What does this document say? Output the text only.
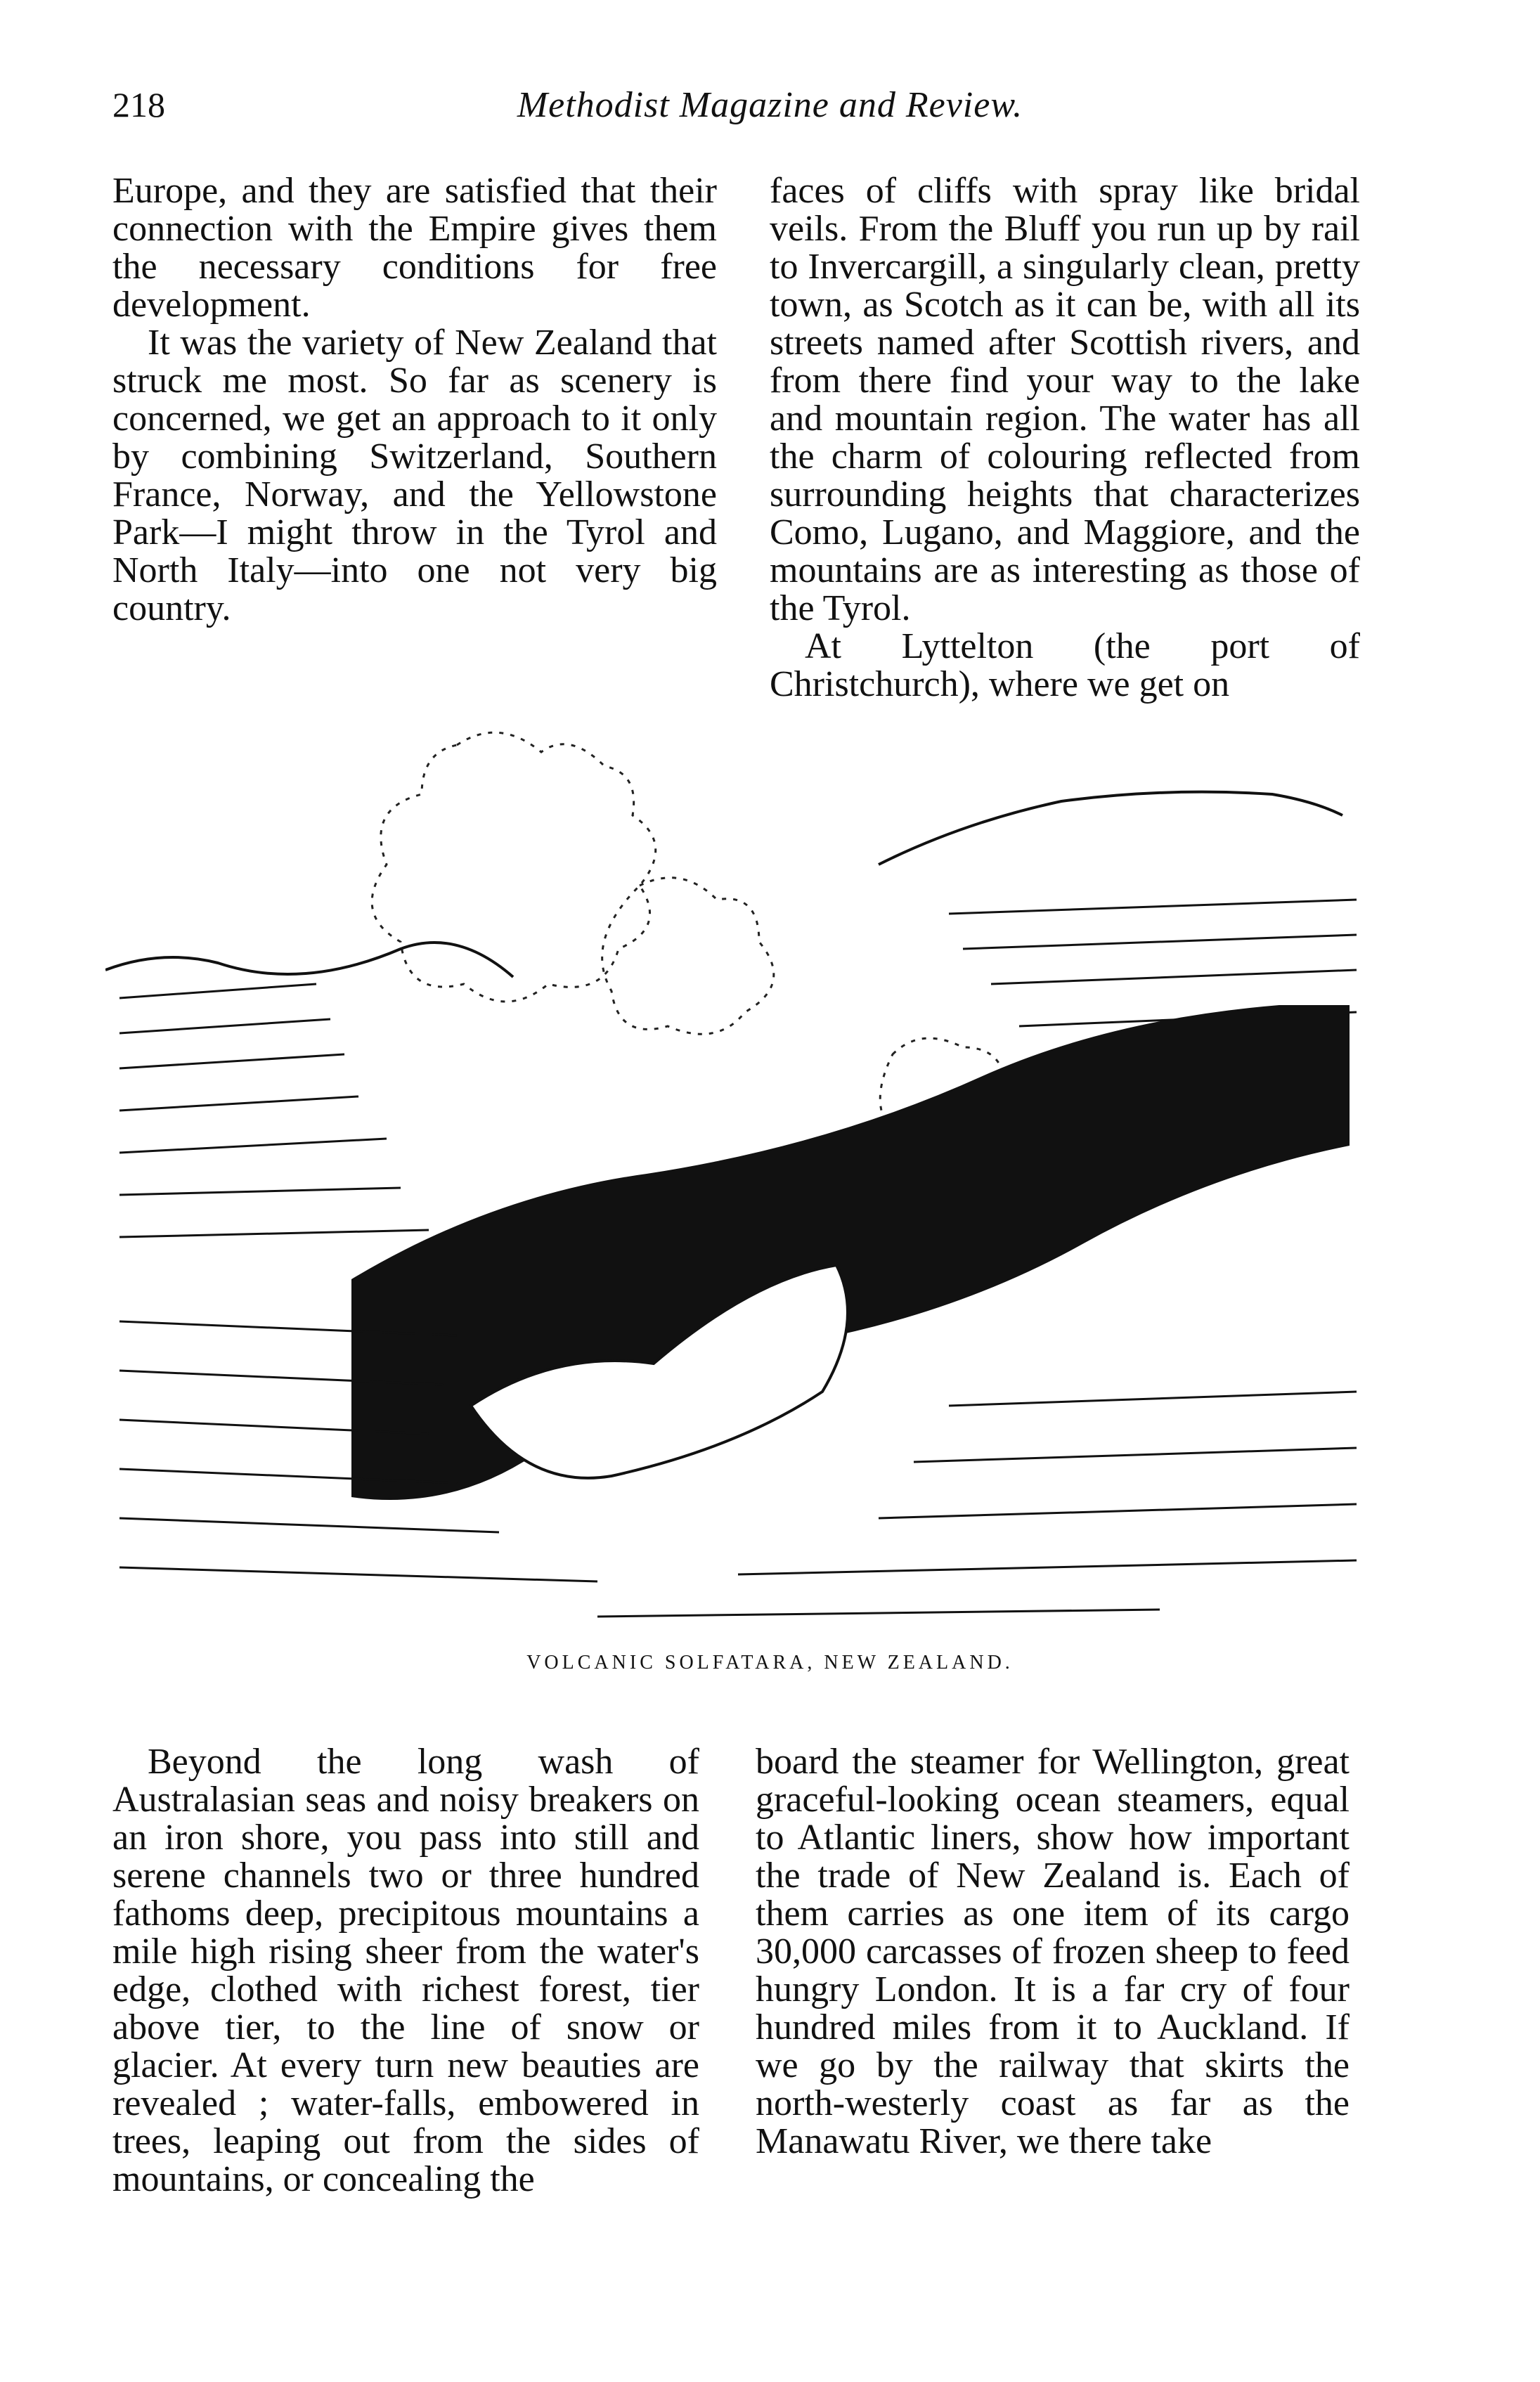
218	Methodist Magazine and Review.

Europe, and they are satisfied that their connection with the Empire gives them the necessary conditions for free development.

It was the variety of New Zealand that struck me most. So far as scenery is concerned, we get an approach to it only by combining Switzerland, Southern France, Norway, and the Yellowstone Park—I might throw in the Tyrol and North Italy—into one not very big country.

faces of cliffs with spray like bridal veils. From the Bluff you run up by rail to Invercargill, a singularly clean, pretty town, as Scotch as it can be, with all its streets named after Scottish rivers, and from there find your way to the lake and mountain region. The water has all the charm of colouring reflected from surrounding heights that characterizes Como, Lugano, and Maggiore, and the mountains are as interesting as those of the Tyrol.

At Lyttelton (the port of Christchurch), where we get on

VOLCANIC SOLFATARA, NEW ZEALAND.

Beyond the long wash of Australasian seas and noisy breakers on an iron shore, you pass into still and serene channels two or three hundred fathoms deep, precipitous mountains a mile high rising sheer from the water's edge, clothed with richest forest, tier above tier, to the line of snow or glacier. At every turn new beauties are revealed ; water-falls, embowered in trees, leaping out from the sides of mountains, or concealing the

board the steamer for Wellington, great graceful-looking ocean steamers, equal to Atlantic liners, show how important the trade of New Zealand is. Each of them carries as one item of its cargo 30,000 carcasses of frozen sheep to feed hungry London. It is a far cry of four hundred miles from it to Auckland. If we go by the railway that skirts the north-westerly coast as far as the Manawatu River, we there take
